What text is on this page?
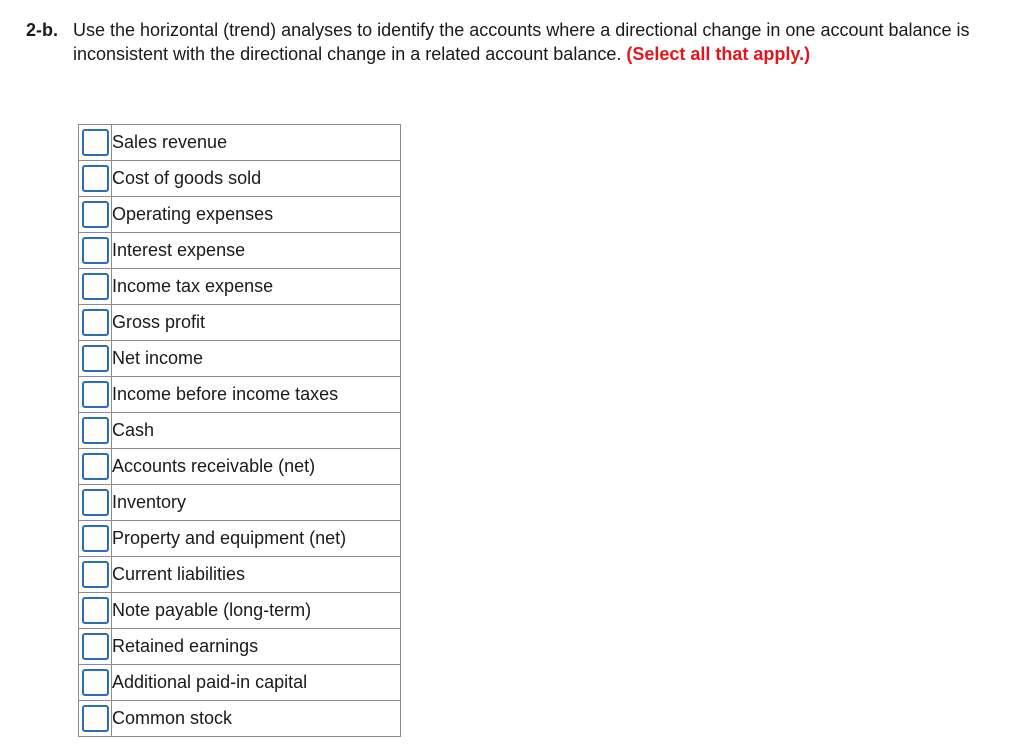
2-b. Use the horizontal (trend) analyses to identify the accounts where a directional change in one account balance is inconsistent with the directional change in a related account balance. (Select all that apply.)
	Sales revenue
	Cost of goods sold
	Operating expenses
	Interest expense
	Income tax expense
	Gross profit
	Net income
	Income before income taxes
	Cash
	Accounts receivable (net)
	Inventory
	Property and equipment (net)
	Current liabilities
	Note payable (long-term)
	Retained earnings
	Additional paid-in capital
	Common stock
